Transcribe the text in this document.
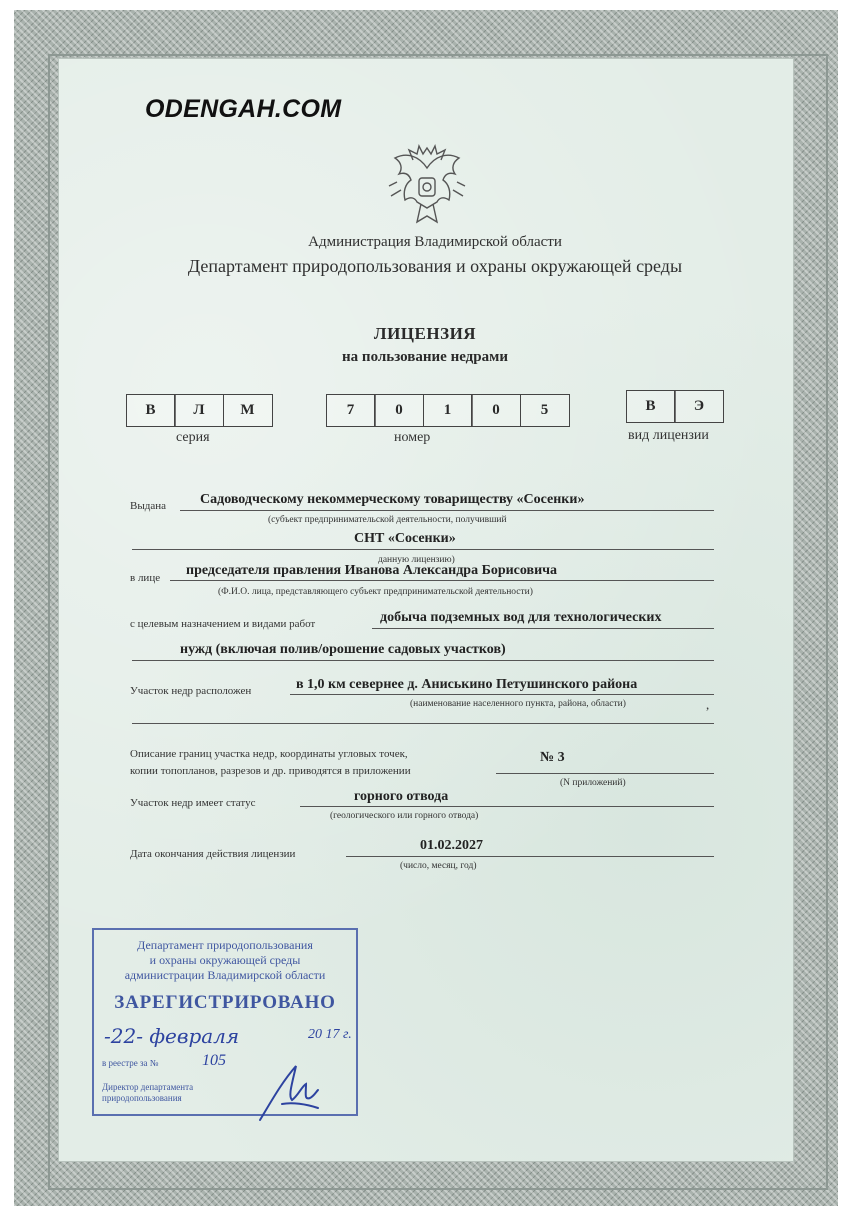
ODENGAH.COM
Администрация Владимирской области
Департамент природопользования и охраны окружающей среды
ЛИЦЕНЗИЯ
на пользование недрами
В	Л	М
серия
7	0	1	0	5
номер
В	Э
вид лицензии
Выдана Садоводческому некоммерческому товариществу «Сосенки»
(субъект предпринимательской деятельности, получивший
СНТ «Сосенки»
данную лицензию)
в лице председателя правления Иванова Александра Борисовича
(Ф.И.О. лица, представляющего субъект предпринимательской деятельности)
с целевым назначением и видами работ	добыча подземных вод для технологических
нужд (включая полив/орошение садовых участков)
Участок недр расположен	в 1,0 км севернее д. Аниськино Петушинского района
(наименование населенного пункта, района, области)	,
Описание границ участка недр, координаты угловых точек,
копии топопланов, разрезов и др. приводятся в приложении
№ 3
(N приложений)
Участок недр имеет статус	горного отвода
(геологического или горного отвода)
Дата окончания действия лицензии
01.02.2027
(число, месяц, год)
Департамент природопользования
и охраны окружающей среды
администрации Владимирской области
ЗАРЕГИСТРИРОВАНО
-22- февраля	20 17 г.
в реестре за №	105
Директор департамента
природопользования
